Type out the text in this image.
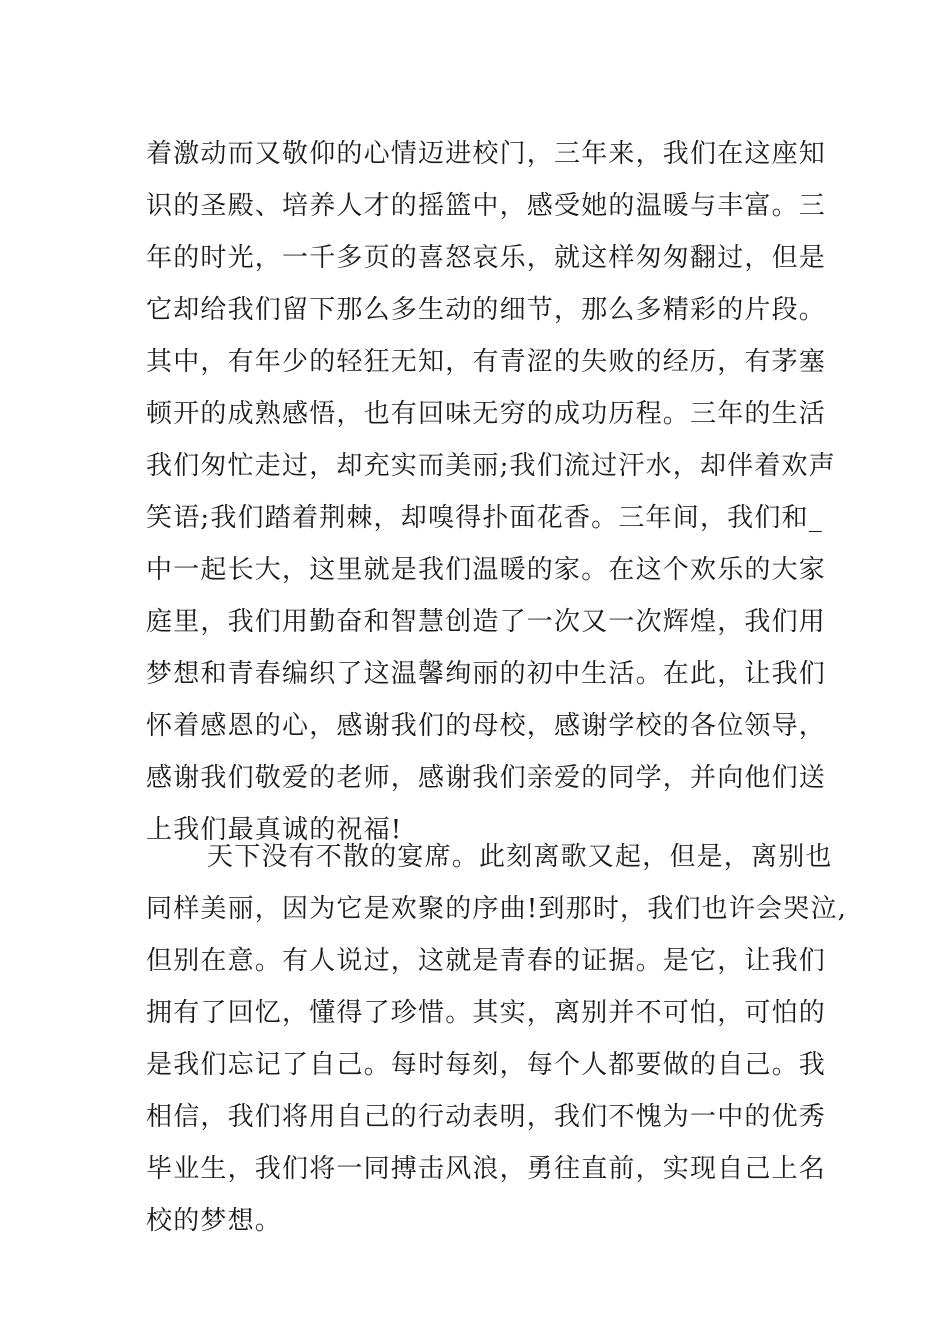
着激动而又敬仰的心情迈进校门，三年来，我们在这座知
识的圣殿、培养人才的摇篮中，感受她的温暖与丰富。三
年的时光，一千多页的喜怒哀乐，就这样匆匆翻过，但是
它却给我们留下那么多生动的细节，那么多精彩的片段。
其中，有年少的轻狂无知，有青涩的失败的经历，有茅塞
顿开的成熟感悟，也有回味无穷的成功历程。三年的生活
我们匆忙走过，却充实而美丽;我们流过汗水，却伴着欢声
笑语;我们踏着荆棘，却嗅得扑面花香。三年间，我们和_
中一起长大，这里就是我们温暖的家。在这个欢乐的大家
庭里，我们用勤奋和智慧创造了一次又一次辉煌，我们用
梦想和青春编织了这温馨绚丽的初中生活。在此，让我们
怀着感恩的心，感谢我们的母校，感谢学校的各位领导，
感谢我们敬爱的老师，感谢我们亲爱的同学，并向他们送
上我们最真诚的祝福!
天下没有不散的宴席。此刻离歌又起，但是，离别也
同样美丽，因为它是欢聚的序曲!到那时，我们也许会哭泣,
但别在意。有人说过，这就是青春的证据。是它，让我们
拥有了回忆，懂得了珍惜。其实，离别并不可怕，可怕的
是我们忘记了自己。每时每刻，每个人都要做的自己。我
相信，我们将用自己的行动表明，我们不愧为一中的优秀
毕业生，我们将一同搏击风浪，勇往直前，实现自己上名
校的梦想。
